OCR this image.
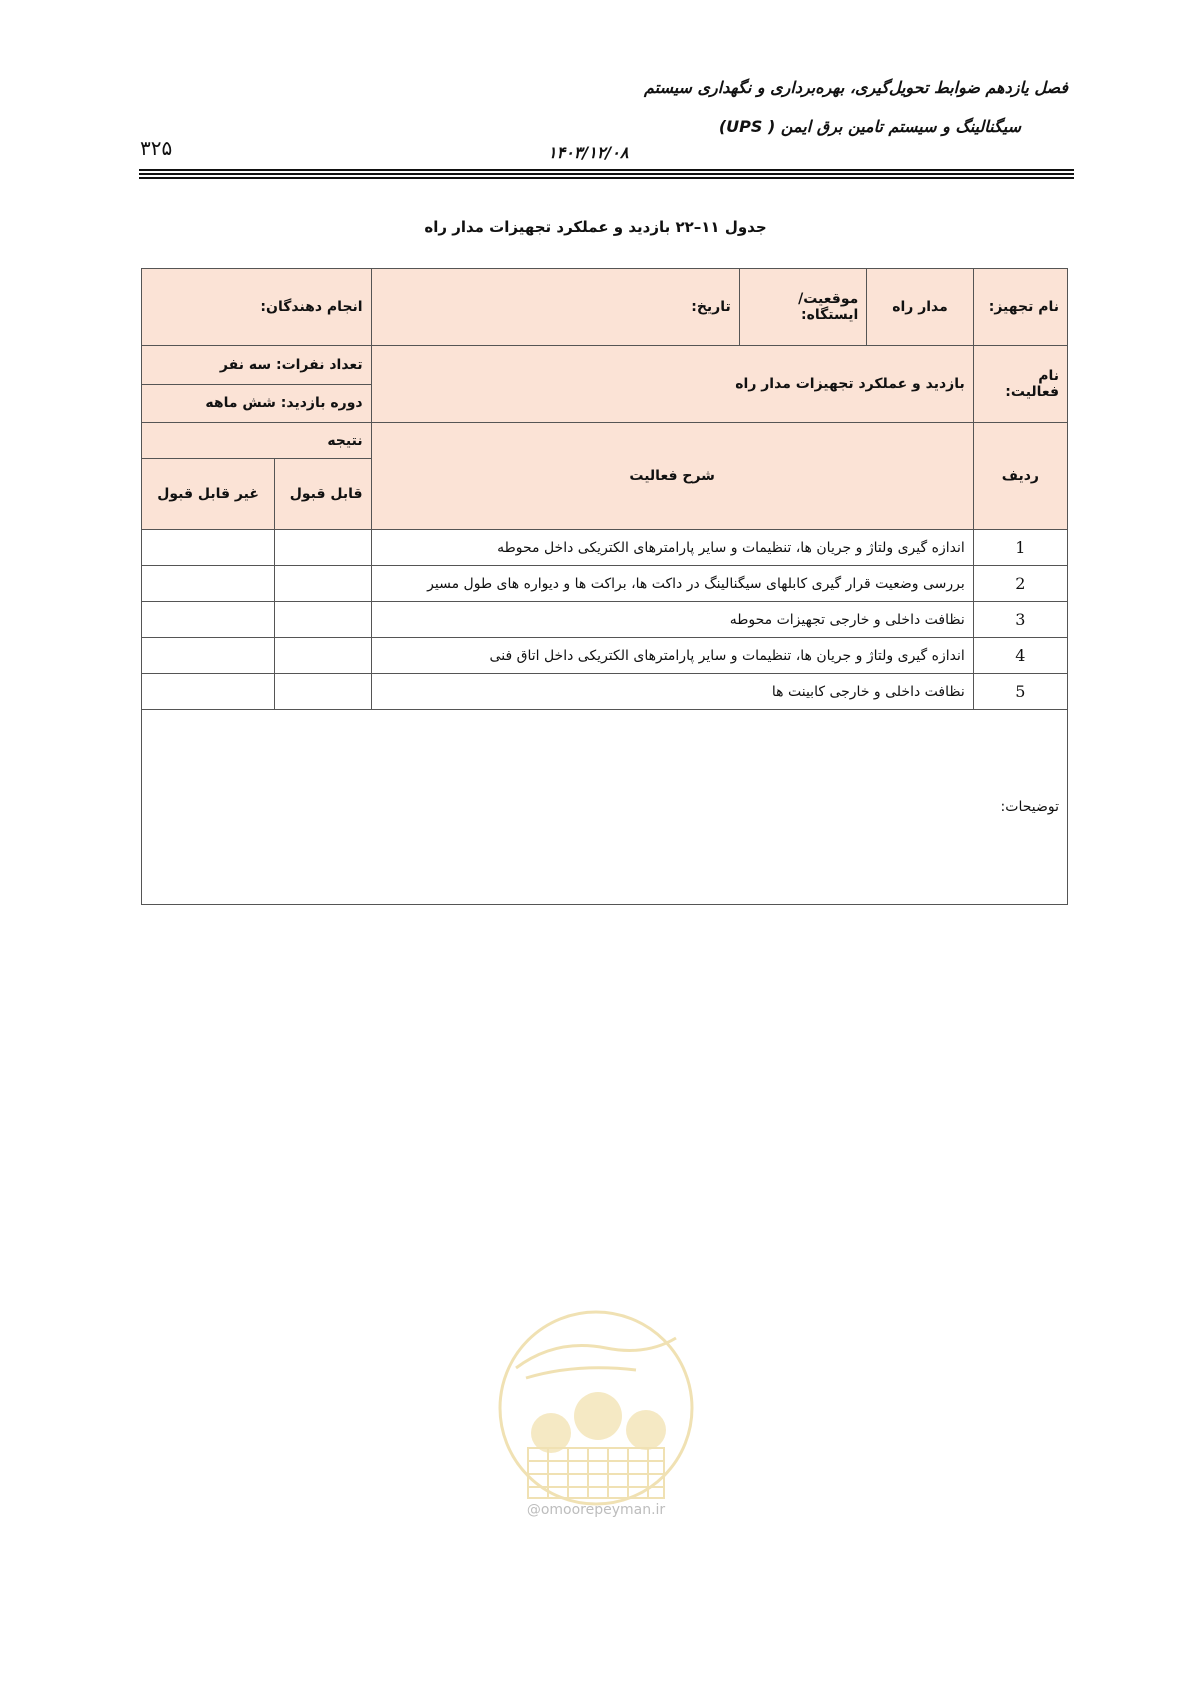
فصل یازدهم ضوابط تحویل‌گیری، بهره‌برداری و نگهداری سیستم
سیگنالینگ و سیستم تامین برق ایمن ( UPS)
۱۴۰۳/۱۲/۰۸
۳۲۵
جدول ۱۱–۲۲ بازدید و عملکرد تجهیزات مدار راه
نام تجهیز:	مدار راه	موقعیت/ایستگاه:	تاریخ:	انجام دهندگان:	
نام فعالیت:	بازدید و عملکرد تجهیزات مدار راه			تعداد نفرات: سه نفر	
				دوره بازدید: شش ماهه	
ردیف	شرح فعالیت			نتیجه	
				قابل قبول	غیر قابل قبول
1	اندازه گیری ولتاژ و جریان ها، تنظیمات و سایر پارامترهای الکتریکی داخل محوطه				
2	بررسی وضعیت قرار گیری کابلهای سیگنالینگ در داکت ها، براکت ها و دیواره های طول مسیر				
3	نظافت داخلی و خارجی تجهیزات محوطه				
4	اندازه گیری ولتاژ و جریان ها، تنظیمات و سایر پارامترهای الکتریکی داخل اتاق فنی				
5	نظافت داخلی و خارجی کابینت ها				
توضیحات:					
@omoorepeyman.ir
